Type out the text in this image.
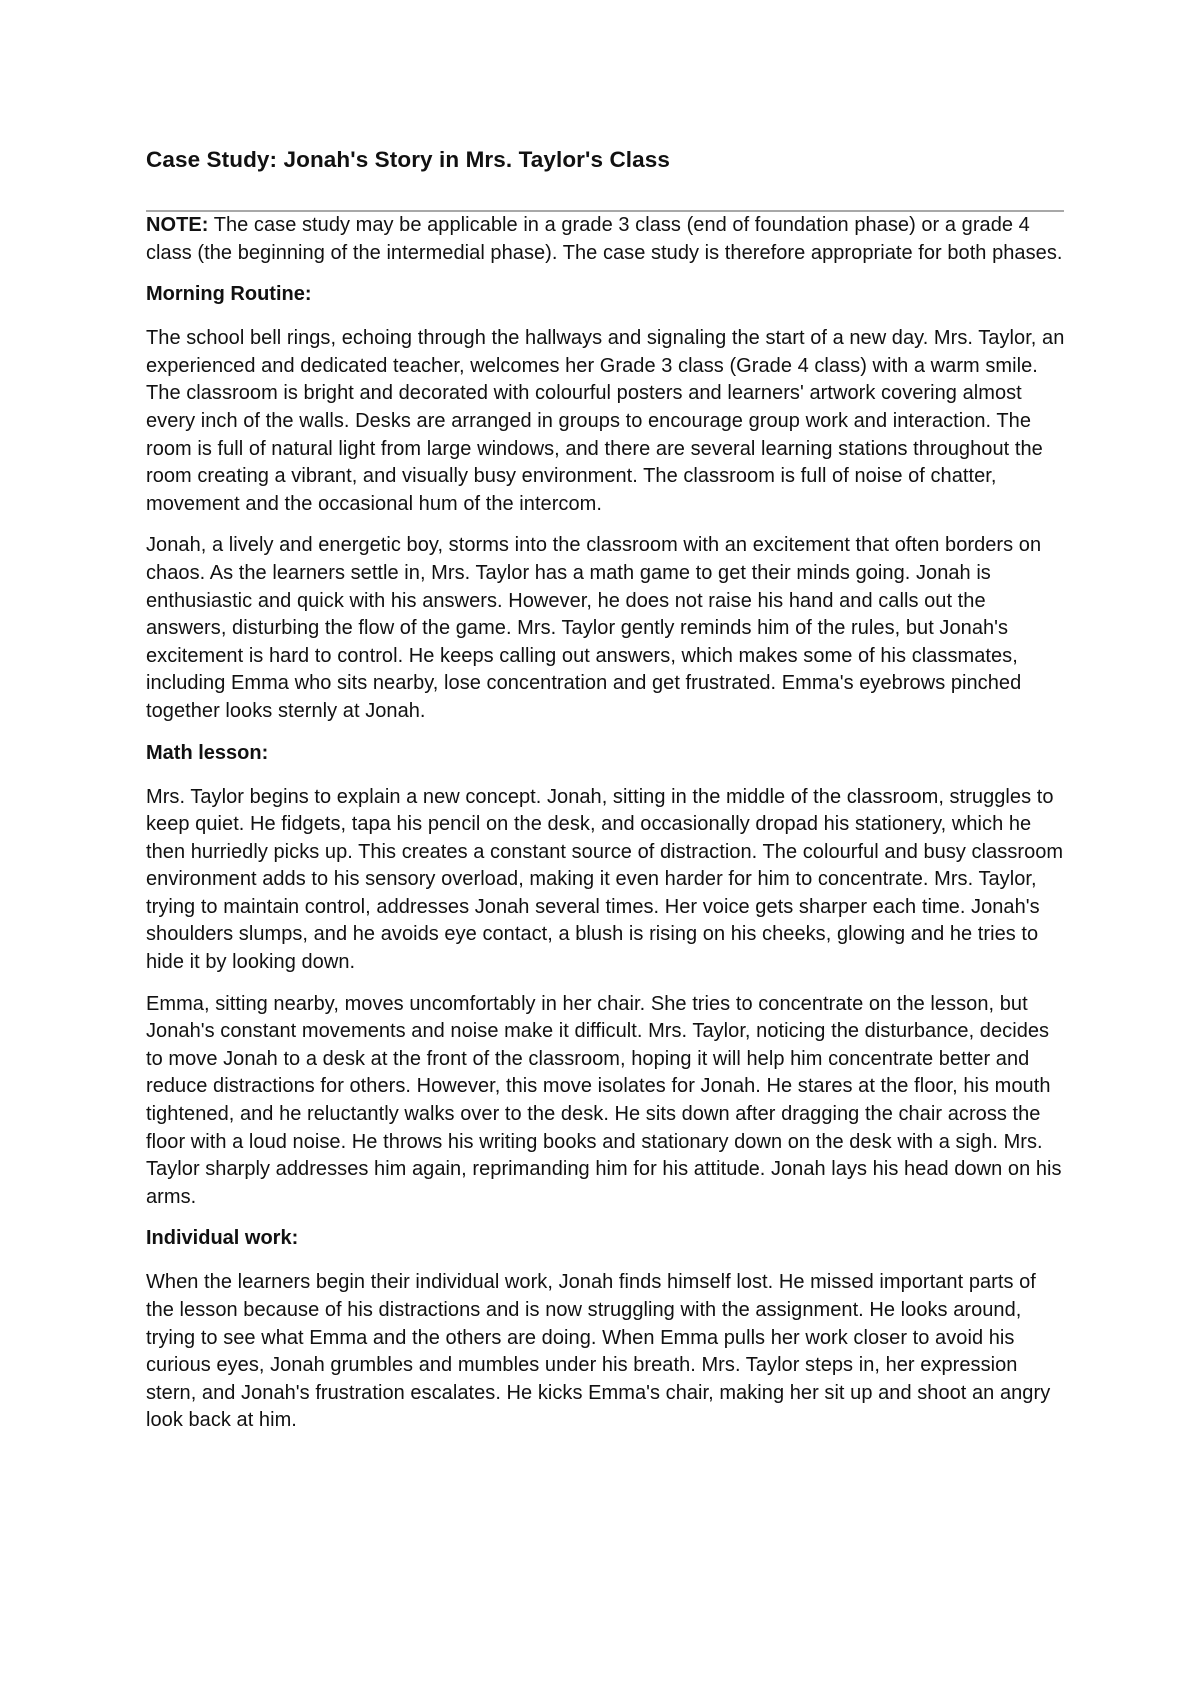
Case Study: Jonah's Story in Mrs. Taylor's Class

NOTE: The case study may be applicable in a grade 3 class (end of foundation phase) or a grade 4 class (the beginning of the intermedial phase). The case study is therefore appropriate for both phases.

Morning Routine:

The school bell rings, echoing through the hallways and signaling the start of a new day. Mrs. Taylor, an experienced and dedicated teacher, welcomes her Grade 3 class (Grade 4 class) with a warm smile. The classroom is bright and decorated with colourful posters and learners' artwork covering almost every inch of the walls. Desks are arranged in groups to encourage group work and interaction. The room is full of natural light from large windows, and there are several learning stations throughout the room creating a vibrant, and visually busy environment. The classroom is full of noise of chatter, movement and the occasional hum of the intercom.

Jonah, a lively and energetic boy, storms into the classroom with an excitement that often borders on chaos. As the learners settle in, Mrs. Taylor has a math game to get their minds going. Jonah is enthusiastic and quick with his answers. However, he does not raise his hand and calls out the answers, disturbing the flow of the game. Mrs. Taylor gently reminds him of the rules, but Jonah's excitement is hard to control. He keeps calling out answers, which makes some of his classmates, including Emma who sits nearby, lose concentration and get frustrated. Emma's eyebrows pinched together looks sternly at Jonah.

Math lesson:

Mrs. Taylor begins to explain a new concept. Jonah, sitting in the middle of the classroom, struggles to keep quiet. He fidgets, tapa his pencil on the desk, and occasionally dropad his stationery, which he then hurriedly picks up. This creates a constant source of distraction. The colourful and busy classroom environment adds to his sensory overload, making it even harder for him to concentrate. Mrs. Taylor, trying to maintain control, addresses Jonah several times. Her voice gets sharper each time. Jonah's shoulders slumps, and he avoids eye contact, a blush is rising on his cheeks, glowing and he tries to hide it by looking down.

Emma, sitting nearby, moves uncomfortably in her chair. She tries to concentrate on the lesson, but Jonah's constant movements and noise make it difficult. Mrs. Taylor, noticing the disturbance, decides to move Jonah to a desk at the front of the classroom, hoping it will help him concentrate better and reduce distractions for others. However, this move isolates for Jonah. He stares at the floor, his mouth tightened, and he reluctantly walks over to the desk. He sits down after dragging the chair across the floor with a loud noise. He throws his writing books and stationary down on the desk with a sigh. Mrs. Taylor sharply addresses him again, reprimanding him for his attitude. Jonah lays his head down on his arms.

Individual work:

When the learners begin their individual work, Jonah finds himself lost. He missed important parts of the lesson because of his distractions and is now struggling with the assignment. He looks around, trying to see what Emma and the others are doing. When Emma pulls her work closer to avoid his curious eyes, Jonah grumbles and mumbles under his breath. Mrs. Taylor steps in, her expression stern, and Jonah's frustration escalates. He kicks Emma's chair, making her sit up and shoot an angry look back at him.
